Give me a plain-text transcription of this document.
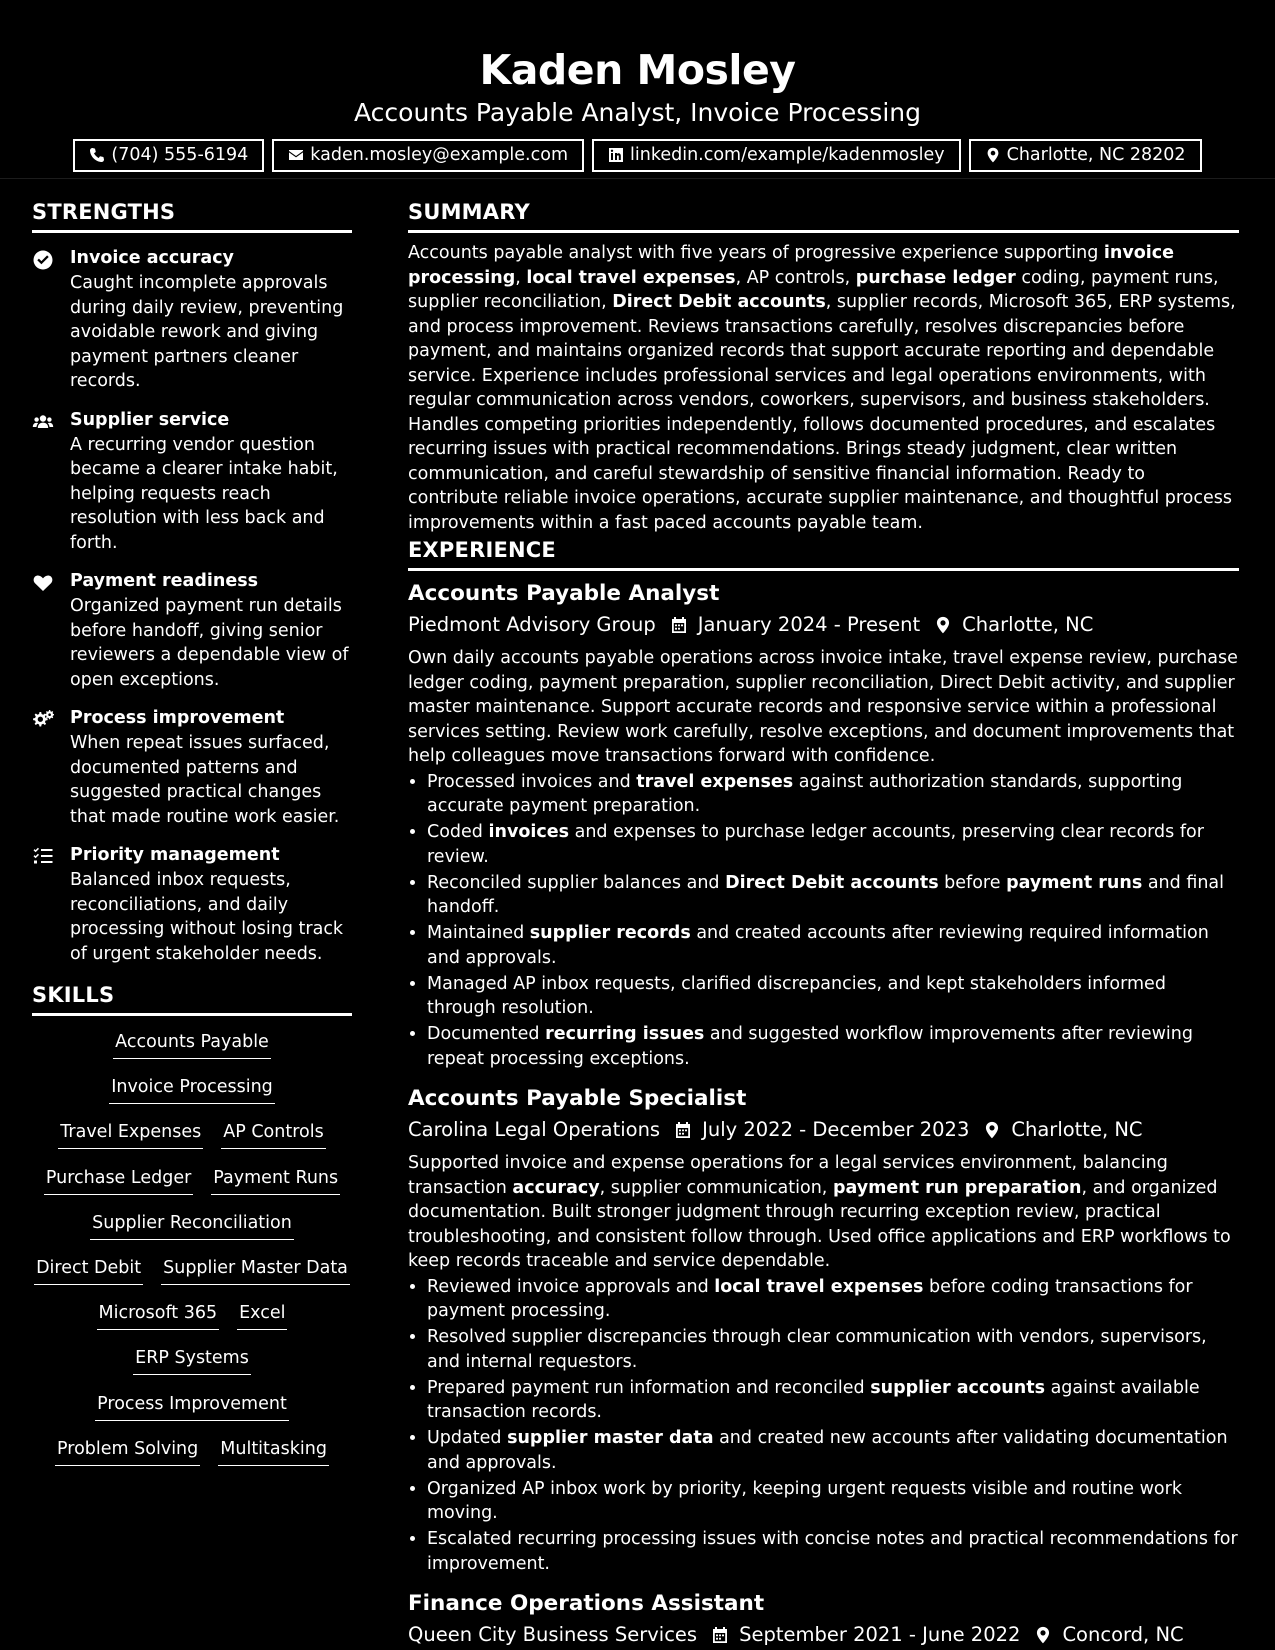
Kaden Mosley
Accounts Payable Analyst, Invoice Processing
(704) 555-6194	kaden.mosley@example.com	linkedin.com/example/kadenmosley	Charlotte, NC 28202
STRENGTHS
Invoice accuracy
Caught incomplete approvals during daily review, preventing avoidable rework and giving payment partners cleaner records.
Supplier service
A recurring vendor question became a clearer intake habit, helping requests reach resolution with less back and forth.
Payment readiness
Organized payment run details before handoff, giving senior reviewers a dependable view of open exceptions.
Process improvement
When repeat issues surfaced, documented patterns and suggested practical changes that made routine work easier.
Priority management
Balanced inbox requests, reconciliations, and daily processing without losing track of urgent stakeholder needs.
SKILLS
Accounts Payable
Invoice Processing
Travel Expenses AP Controls
Purchase Ledger Payment Runs
Supplier Reconciliation
Direct Debit Supplier Master Data
Microsoft 365 Excel
ERP Systems
Process Improvement
Problem Solving Multitasking
SUMMARY

Accounts payable analyst with five years of progressive experience supporting invoice processing, local travel expenses, AP controls, purchase ledger coding, payment runs, supplier reconciliation, Direct Debit accounts, supplier records, Microsoft 365, ERP systems, and process improvement. Reviews transactions carefully, resolves discrepancies before payment, and maintains organized records that support accurate reporting and dependable service. Experience includes professional services and legal operations environments, with regular communication across vendors, coworkers, supervisors, and business stakeholders. Handles competing priorities independently, follows documented procedures, and escalates recurring issues with practical recommendations. Brings steady judgment, clear written communication, and careful stewardship of sensitive financial information. Ready to contribute reliable invoice operations, accurate supplier maintenance, and thoughtful process improvements within a fast paced accounts payable team.

EXPERIENCE
Accounts Payable Analyst
Piedmont Advisory Group January 2024 - Present Charlotte, NC
Own daily accounts payable operations across invoice intake, travel expense review, purchase ledger coding, payment preparation, supplier reconciliation, Direct Debit activity, and supplier master maintenance. Support accurate records and responsive service within a professional services setting. Review work carefully, resolve exceptions, and document improvements that help colleagues move transactions forward with confidence.
• Processed invoices and travel expenses against authorization standards, supporting accurate payment preparation.
• Coded invoices and expenses to purchase ledger accounts, preserving clear records for review.
• Reconciled supplier balances and Direct Debit accounts before payment runs and final handoff.
• Maintained supplier records and created accounts after reviewing required information and approvals.
• Managed AP inbox requests, clarified discrepancies, and kept stakeholders informed through resolution.
• Documented recurring issues and suggested workflow improvements after reviewing repeat processing exceptions.
Accounts Payable Specialist
Carolina Legal Operations July 2022 - December 2023 Charlotte, NC
Supported invoice and expense operations for a legal services environment, balancing transaction accuracy, supplier communication, payment run preparation, and organized documentation. Built stronger judgment through recurring exception review, practical troubleshooting, and consistent follow through. Used office applications and ERP workflows to keep records traceable and service dependable.
• Reviewed invoice approvals and local travel expenses before coding transactions for payment processing.
• Resolved supplier discrepancies through clear communication with vendors, supervisors, and internal requestors.
• Prepared payment run information and reconciled supplier accounts against available transaction records.
• Updated supplier master data and created new accounts after validating documentation and approvals.
• Organized AP inbox work by priority, keeping urgent requests visible and routine work moving.
• Escalated recurring processing issues with concise notes and practical recommendations for improvement.
Finance Operations Assistant
Queen City Business Services September 2021 - June 2022 Concord, NC
